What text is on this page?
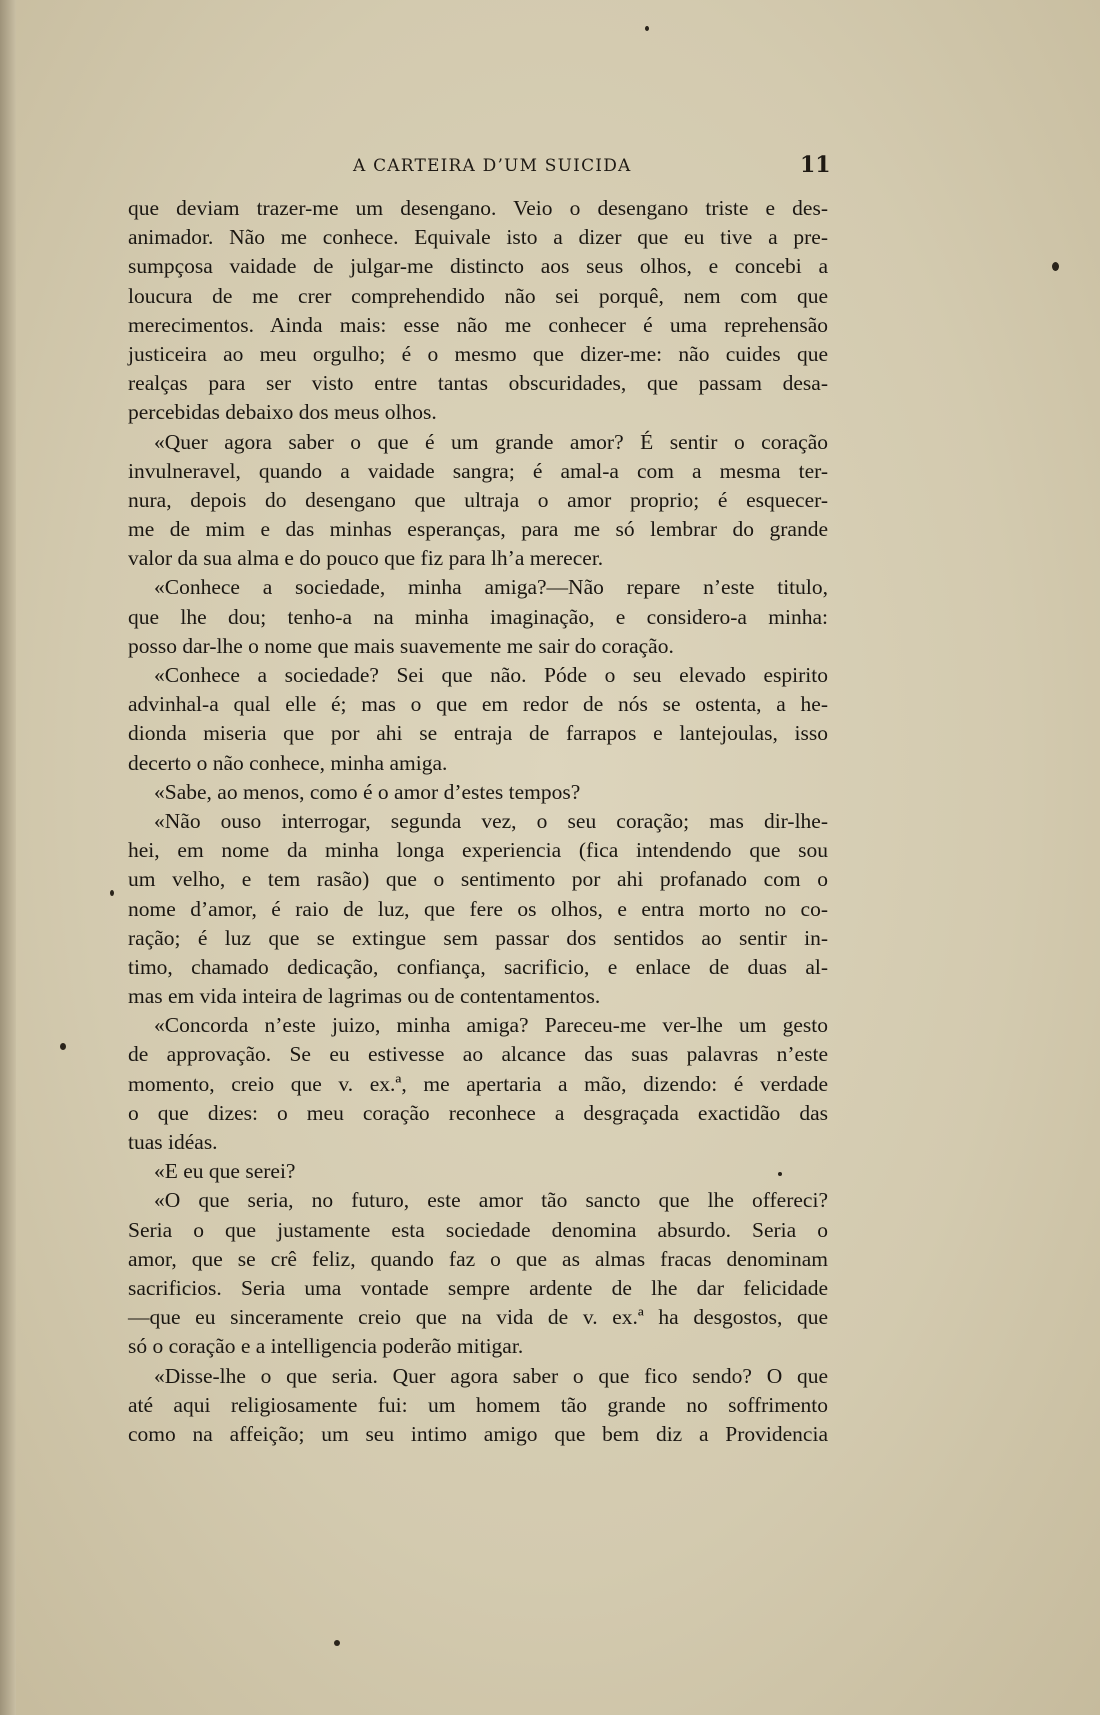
A CARTEIRA D’UM SUICIDA	11
que deviam trazer-me um desengano. Veio o desengano triste e des-
animador. Não me conhece. Equivale isto a dizer que eu tive a pre-
sumpçosa vaidade de julgar-me distincto aos seus olhos, e concebi a
loucura de me crer comprehendido não sei porquê, nem com que
merecimentos. Ainda mais: esse não me conhecer é uma reprehensão
justiceira ao meu orgulho; é o mesmo que dizer-me: não cuides que
realças para ser visto entre tantas obscuridades, que passam desa-
percebidas debaixo dos meus olhos.
«Quer agora saber o que é um grande amor? É sentir o coração
invulneravel, quando a vaidade sangra; é amal-a com a mesma ter-
nura, depois do desengano que ultraja o amor proprio; é esquecer-
me de mim e das minhas esperanças, para me só lembrar do grande
valor da sua alma e do pouco que fiz para lh’a merecer.
«Conhece a sociedade, minha amiga?—Não repare n’este titulo,
que lhe dou; tenho-a na minha imaginação, e considero-a minha:
posso dar-lhe o nome que mais suavemente me sair do coração.
«Conhece a sociedade? Sei que não. Póde o seu elevado espirito
advinhal-a qual elle é; mas o que em redor de nós se ostenta, a he-
dionda miseria que por ahi se entraja de farrapos e lantejoulas, isso
decerto o não conhece, minha amiga.
«Sabe, ao menos, como é o amor d’estes tempos?
«Não ouso interrogar, segunda vez, o seu coração; mas dir-lhe-
hei, em nome da minha longa experiencia (fica intendendo que sou
um velho, e tem rasão) que o sentimento por ahi profanado com o
nome d’amor, é raio de luz, que fere os olhos, e entra morto no co-
ração; é luz que se extingue sem passar dos sentidos ao sentir in-
timo, chamado dedicação, confiança, sacrificio, e enlace de duas al-
mas em vida inteira de lagrimas ou de contentamentos.
«Concorda n’este juizo, minha amiga? Pareceu-me ver-lhe um gesto
de approvação. Se eu estivesse ao alcance das suas palavras n’este
momento, creio que v. ex.ª, me apertaria a mão, dizendo: é verdade
o que dizes: o meu coração reconhece a desgraçada exactidão das
tuas idéas.
«E eu que serei?
«O que seria, no futuro, este amor tão sancto que lhe offereci?
Seria o que justamente esta sociedade denomina absurdo. Seria o
amor, que se crê feliz, quando faz o que as almas fracas denominam
sacrificios. Seria uma vontade sempre ardente de lhe dar felicidade
—que eu sinceramente creio que na vida de v. ex.ª ha desgostos, que
só o coração e a intelligencia poderão mitigar.
«Disse-lhe o que seria. Quer agora saber o que fico sendo? O que
até aqui religiosamente fui: um homem tão grande no soffrimento
como na affeição; um seu intimo amigo que bem diz a Providencia
